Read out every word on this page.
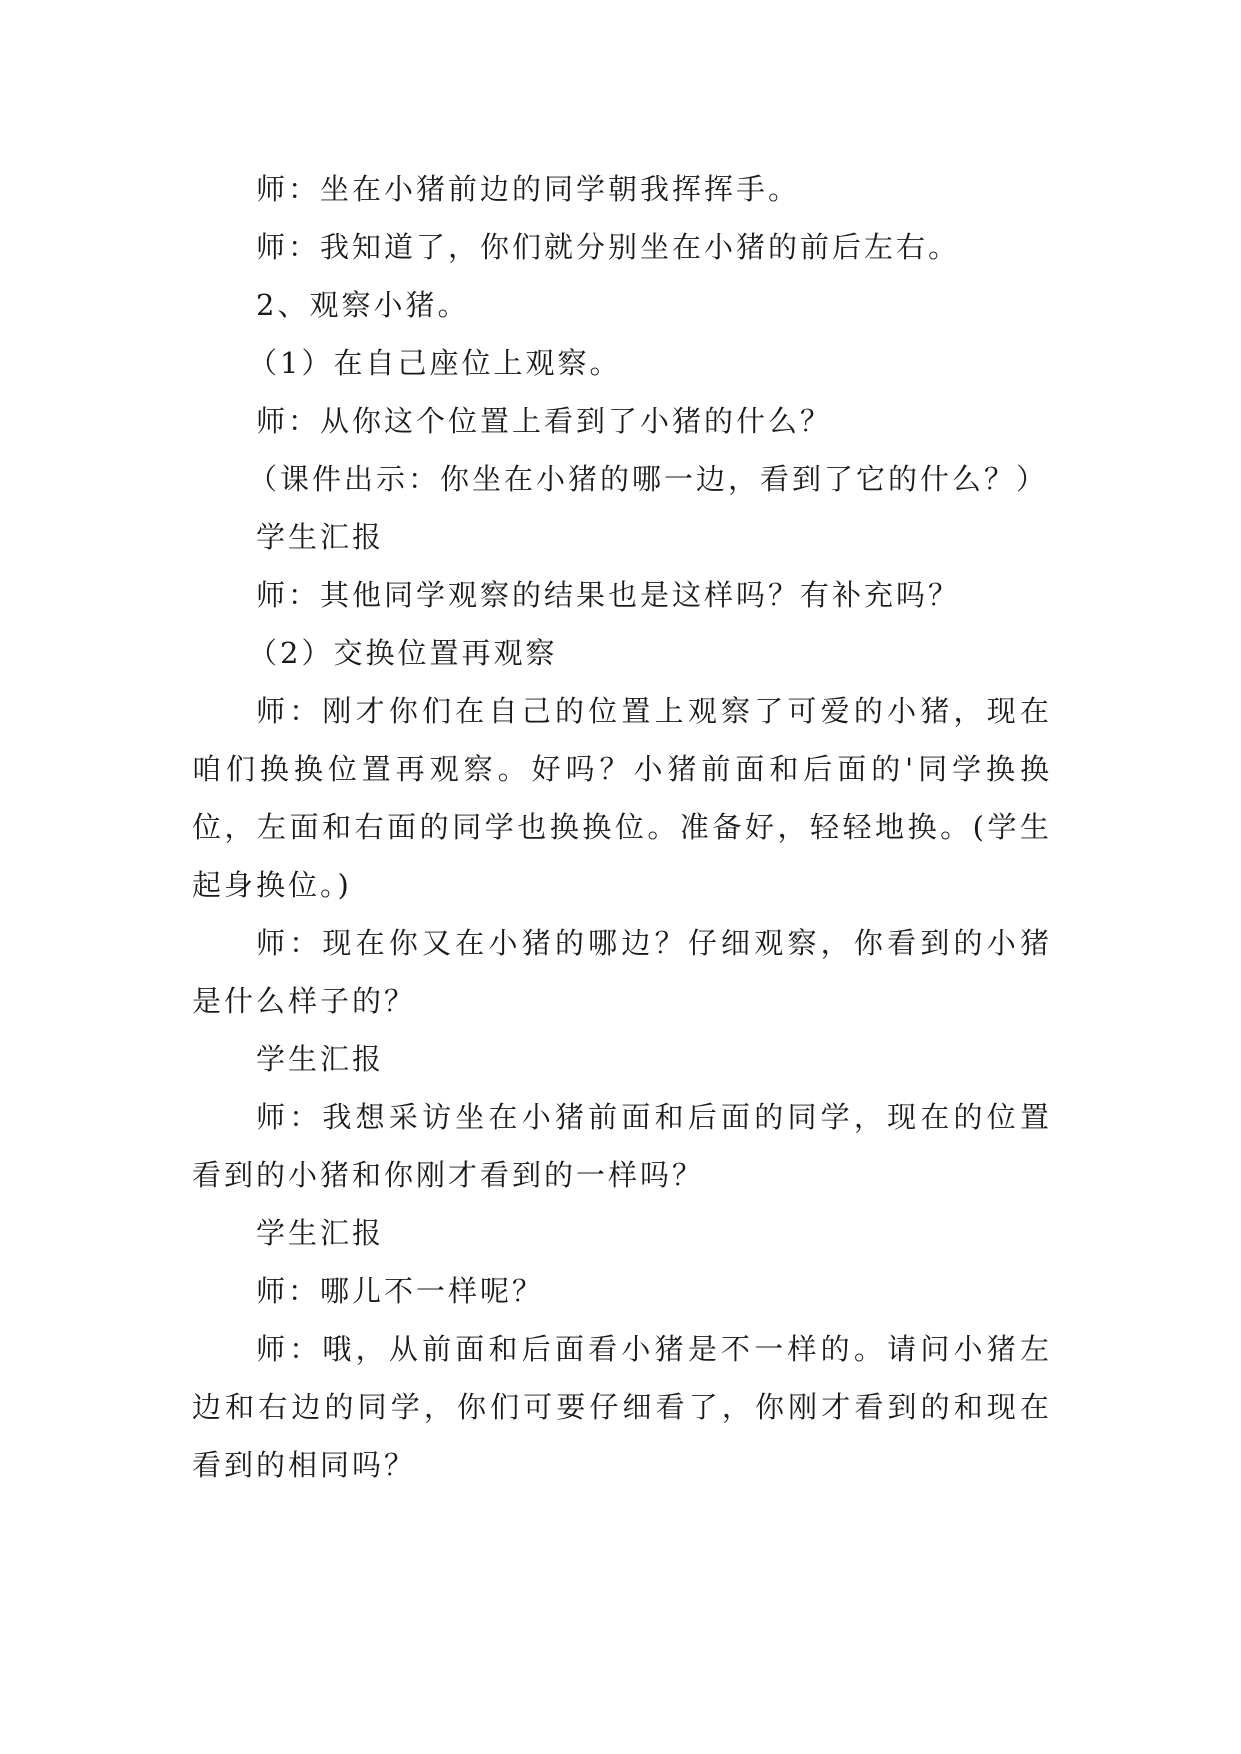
师：坐在小猪前边的同学朝我挥挥手。

师：我知道了，你们就分别坐在小猪的前后左右。

2、观察小猪。

（1）在自己座位上观察。

师：从你这个位置上看到了小猪的什么？

（课件出示：你坐在小猪的哪一边，看到了它的什么？）

学生汇报

师：其他同学观察的结果也是这样吗？有补充吗？

（2）交换位置再观察

师：刚才你们在自己的位置上观察了可爱的小猪，现在咱们换换位置再观察。好吗？小猪前面和后面的'同学换换位，左面和右面的同学也换换位。准备好，轻轻地换。(学生起身换位。)

师：现在你又在小猪的哪边？仔细观察，你看到的小猪是什么样子的？

学生汇报

师：我想采访坐在小猪前面和后面的同学，现在的位置看到的小猪和你刚才看到的一样吗？

学生汇报

师：哪儿不一样呢？

师：哦，从前面和后面看小猪是不一样的。请问小猪左边和右边的同学，你们可要仔细看了，你刚才看到的和现在看到的相同吗？
